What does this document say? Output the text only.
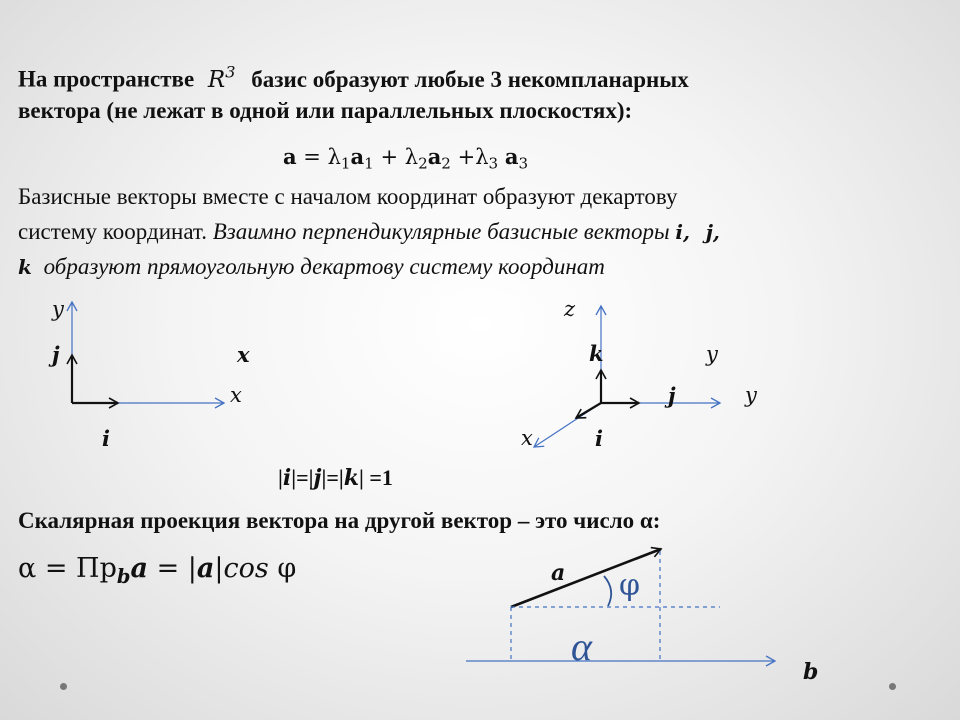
На пространстве $R^3$ базис образуют любые 3 некомпланарных
вектора (не лежат в одной или параллельных плоскостях):
$a = \lambda_1a_1 + \lambda_2a_2 +\lambda_3$ $a_3$
Базисные векторы вместе с началом координат образуют декартову
систему координат. Взаимно перпендикулярные базисные векторы i, j,
k образуют прямоугольную декартову систему координат
y
j	x
x
i
z
k	y
j	y
x	i
|i|=|j|=|k| =1
Скалярная проекция вектора на другой вектор – это число α:
$\alpha = Пр_ba = |a|\cos$ φ	a
b
φ
α
